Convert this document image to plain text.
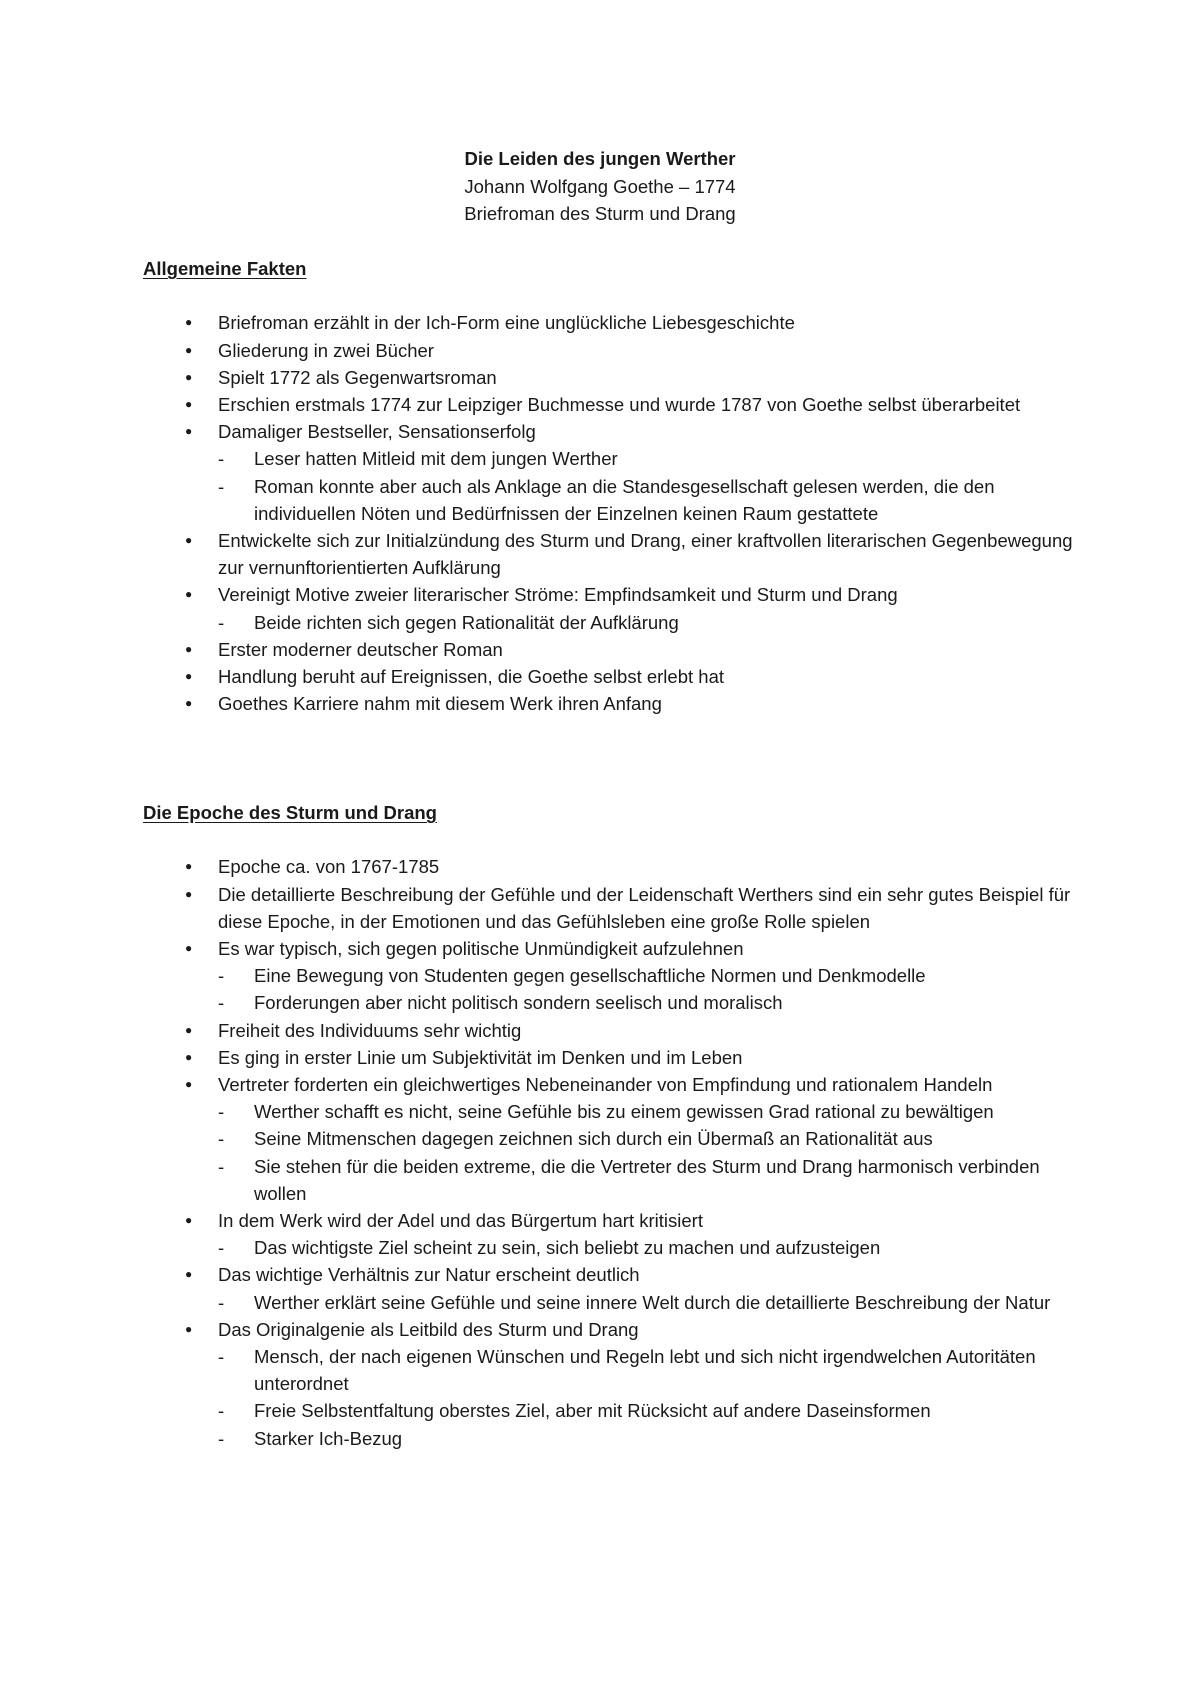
Die Leiden des jungen Werther
Johann Wolfgang Goethe – 1774
Briefroman des Sturm und Drang
Allgemeine Fakten
● Briefroman erzählt in der Ich-Form eine unglückliche Liebesgeschichte
● Gliederung in zwei Bücher
● Spielt 1772 als Gegenwartsroman
● Erschien erstmals 1774 zur Leipziger Buchmesse und wurde 1787 von Goethe selbst überarbeitet
● Damaliger Bestseller, Sensationserfolg
- Leser hatten Mitleid mit dem jungen Werther
- Roman konnte aber auch als Anklage an die Standesgesellschaft gelesen werden, die den individuellen Nöten und Bedürfnissen der Einzelnen keinen Raum gestattete
● Entwickelte sich zur Initialzündung des Sturm und Drang, einer kraftvollen literarischen Gegenbewegung zur vernunftorientierten Aufklärung
● Vereinigt Motive zweier literarischer Ströme: Empfindsamkeit und Sturm und Drang
- Beide richten sich gegen Rationalität der Aufklärung
● Erster moderner deutscher Roman
● Handlung beruht auf Ereignissen, die Goethe selbst erlebt hat
● Goethes Karriere nahm mit diesem Werk ihren Anfang
Die Epoche des Sturm und Drang
● Epoche ca. von 1767-1785
● Die detaillierte Beschreibung der Gefühle und der Leidenschaft Werthers sind ein sehr gutes Beispiel für diese Epoche, in der Emotionen und das Gefühlsleben eine große Rolle spielen
● Es war typisch, sich gegen politische Unmündigkeit aufzulehnen
- Eine Bewegung von Studenten gegen gesellschaftliche Normen und Denkmodelle
- Forderungen aber nicht politisch sondern seelisch und moralisch
● Freiheit des Individuums sehr wichtig
● Es ging in erster Linie um Subjektivität im Denken und im Leben
● Vertreter forderten ein gleichwertiges Nebeneinander von Empfindung und rationalem Handeln
- Werther schafft es nicht, seine Gefühle bis zu einem gewissen Grad rational zu bewältigen
- Seine Mitmenschen dagegen zeichnen sich durch ein Übermaß an Rationalität aus
- Sie stehen für die beiden extreme, die die Vertreter des Sturm und Drang harmonisch verbinden wollen
● In dem Werk wird der Adel und das Bürgertum hart kritisiert
- Das wichtigste Ziel scheint zu sein, sich beliebt zu machen und aufzusteigen
● Das wichtige Verhältnis zur Natur erscheint deutlich
- Werther erklärt seine Gefühle und seine innere Welt durch die detaillierte Beschreibung der Natur
● Das Originalgenie als Leitbild des Sturm und Drang
- Mensch, der nach eigenen Wünschen und Regeln lebt und sich nicht irgendwelchen Autoritäten unterordnet
- Freie Selbstentfaltung oberstes Ziel, aber mit Rücksicht auf andere Daseinsformen
- Starker Ich-Bezug
